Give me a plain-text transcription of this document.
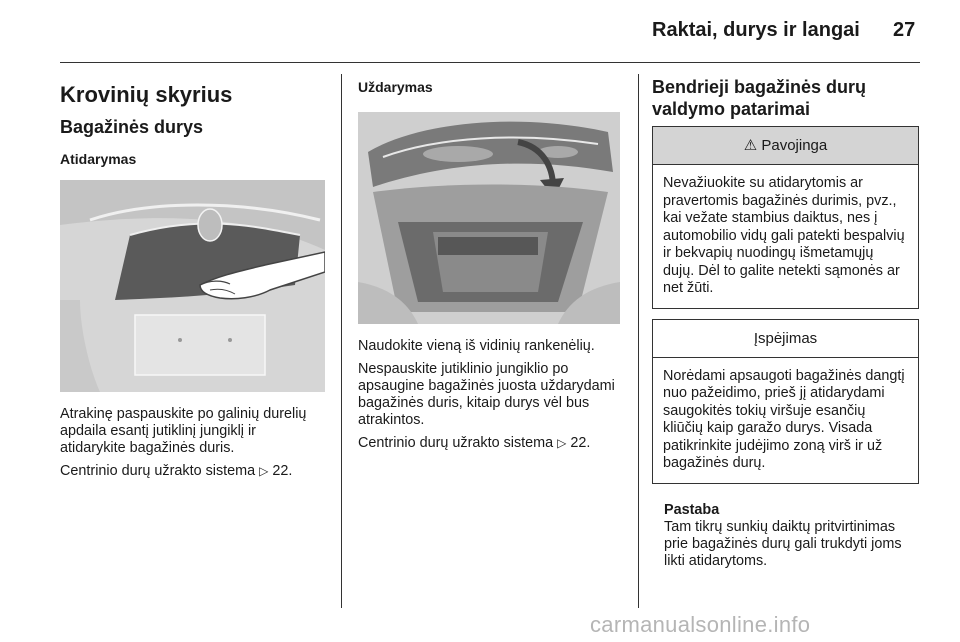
Raktai, durys ir langai 27
Krovinių skyrius
Bagažinės durys
Atidarymas

Atrakinę paspauskite po galinių durelių apdaila esantį jutiklinį jungiklį ir atidarykite bagažinės duris.

Centrinio durų užrakto sistema ▷ 22.

Uždarymas

Naudokite vieną iš vidinių rankenėlių.

Nespauskite jutiklinio jungiklio po apsaugine bagažinės juosta uždarydami bagažinės duris, kitaip durys vėl bus atrakintos.

Centrinio durų užrakto sistema ▷ 22.

Bendrieji bagažinės durų valdymo patarimai
⚠ Pavojinga
Nevažiuokite su atidarytomis ar pravertomis bagažinės durimis, pvz., kai vežate stambius daiktus, nes į automobilio vidų gali patekti bespalvių ir bekvapių nuodingų išmetamųjų dujų. Dėl to galite netekti sąmonės ar net žūti.
Įspėjimas
Norėdami apsaugoti bagažinės dangtį nuo pažeidimo, prieš jį atidarydami saugokitės tokių viršuje esančių kliūčių kaip garažo durys. Visada patikrinkite judėjimo zoną virš ir už bagažinės durų.
Pastaba
Tam tikrų sunkių daiktų pritvirtinimas prie bagažinės durų gali trukdyti joms likti atidarytoms.
carmanualsonline.info
